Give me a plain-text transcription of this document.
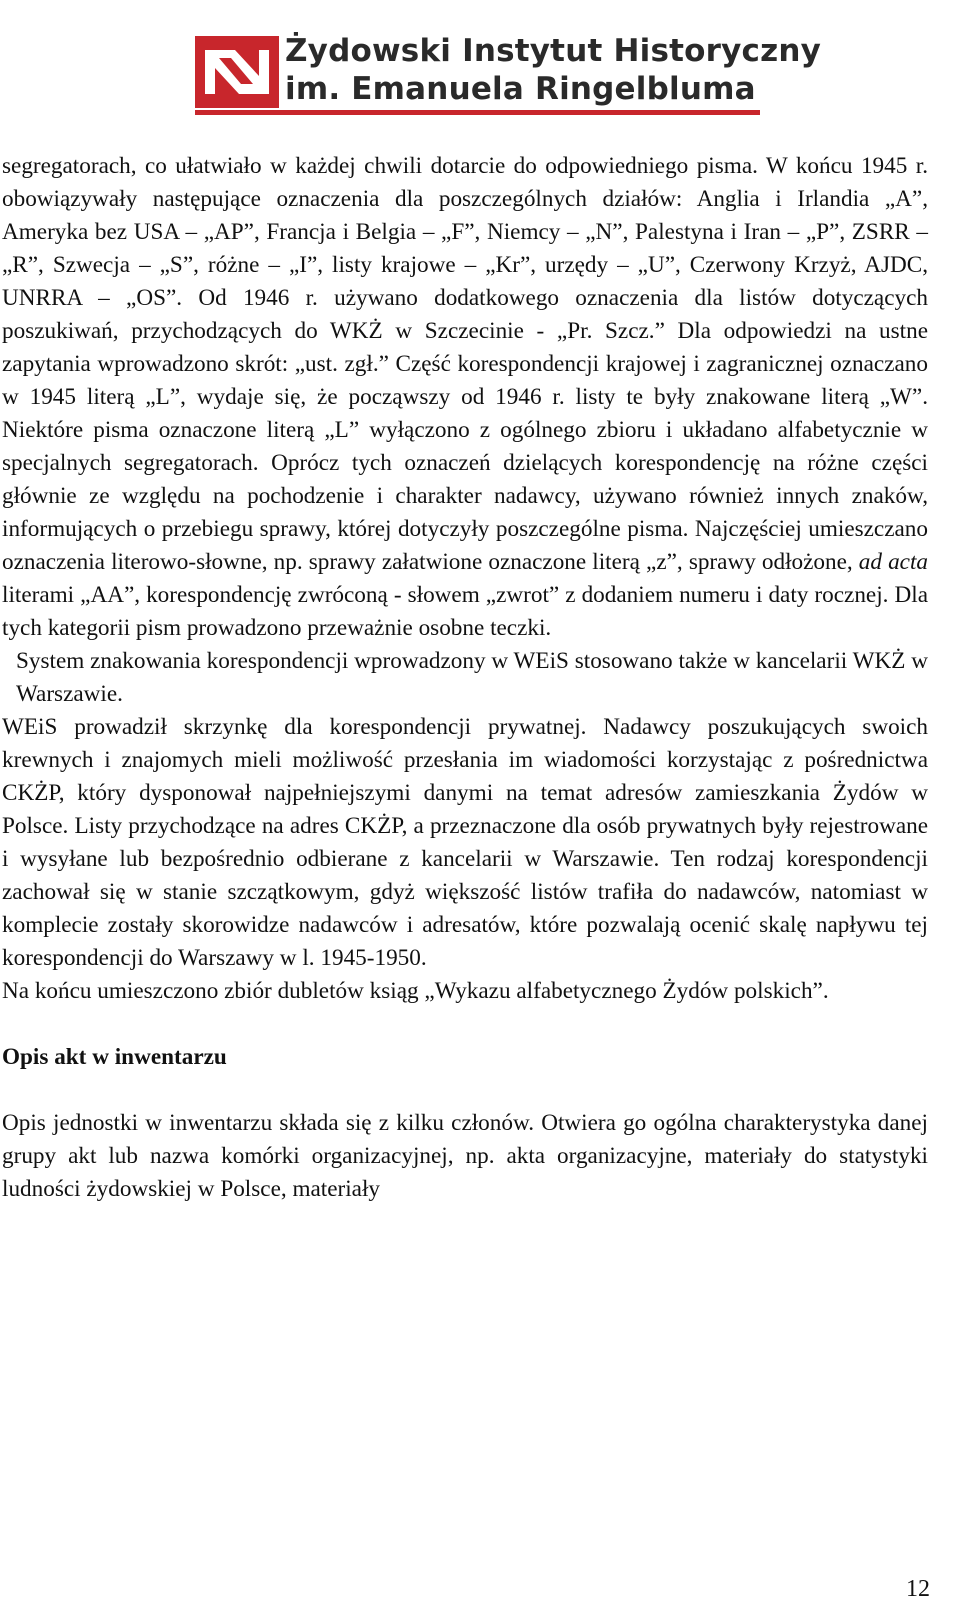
Żydowski Instytut Historyczny
im. Emanuela Ringelbluma

segregatorach, co ułatwiało w każdej chwili dotarcie do odpowiedniego pisma. W końcu 1945 r. obowiązywały następujące oznaczenia dla poszczególnych działów: Anglia i Irlandia „A”, Ameryka bez USA – „AP”, Francja i Belgia – „F”, Niemcy – „N”, Palestyna i Iran – „P”, ZSRR – „R”, Szwecja – „S”, różne – „I”, listy krajowe – „Kr”, urzędy – „U”, Czerwony Krzyż, AJDC, UNRRA – „OS”. Od 1946 r. używano dodatkowego oznaczenia dla listów dotyczących poszukiwań, przychodzących do WKŻ w Szczecinie - „Pr. Szcz.” Dla odpowiedzi na ustne zapytania wprowadzono skrót: „ust. zgł.” Część korespondencji krajowej i zagranicznej oznaczano w 1945 literą „L”, wydaje się, że począwszy od 1946 r. listy te były znakowane literą „W”. Niektóre pisma oznaczone literą „L” wyłączono z ogólnego zbioru i układano alfabetycznie w specjalnych segregatorach. Oprócz tych oznaczeń dzielących korespondencję na różne części głównie ze względu na pochodzenie i charakter nadawcy, używano również innych znaków, informujących o przebiegu sprawy, której dotyczyły poszczególne pisma. Najczęściej umieszczano oznaczenia literowo-słowne, np. sprawy załatwione oznaczone literą „z”, sprawy odłożone, ad acta literami „AA”, korespondencję zwróconą - słowem „zwrot” z dodaniem numeru i daty rocznej. Dla tych kategorii pism prowadzono przeważnie osobne teczki.

System znakowania korespondencji wprowadzony w WEiS stosowano także w kancelarii WKŻ w Warszawie.

WEiS prowadził skrzynkę dla korespondencji prywatnej. Nadawcy poszukujących swoich krewnych i znajomych mieli możliwość przesłania im wiadomości korzystając z pośrednictwa CKŻP, który dysponował najpełniejszymi danymi na temat adresów zamieszkania Żydów w Polsce. Listy przychodzące na adres CKŻP, a przeznaczone dla osób prywatnych były rejestrowane i wysyłane lub bezpośrednio odbierane z kancelarii w Warszawie. Ten rodzaj korespondencji zachował się w stanie szczątkowym, gdyż większość listów trafiła do nadawców, natomiast w komplecie zostały skorowidze nadawców i adresatów, które pozwalają ocenić skalę napływu tej korespondencji do Warszawy w l. 1945-1950.

Na końcu umieszczono zbiór dubletów ksiąg „Wykazu alfabetycznego Żydów polskich”.

Opis akt w inwentarzu

Opis jednostki w inwentarzu składa się z kilku członów. Otwiera go ogólna charakterystyka danej grupy akt lub nazwa komórki organizacyjnej, np. akta organizacyjne, materiały do statystyki ludności żydowskiej w Polsce, materiały

12
